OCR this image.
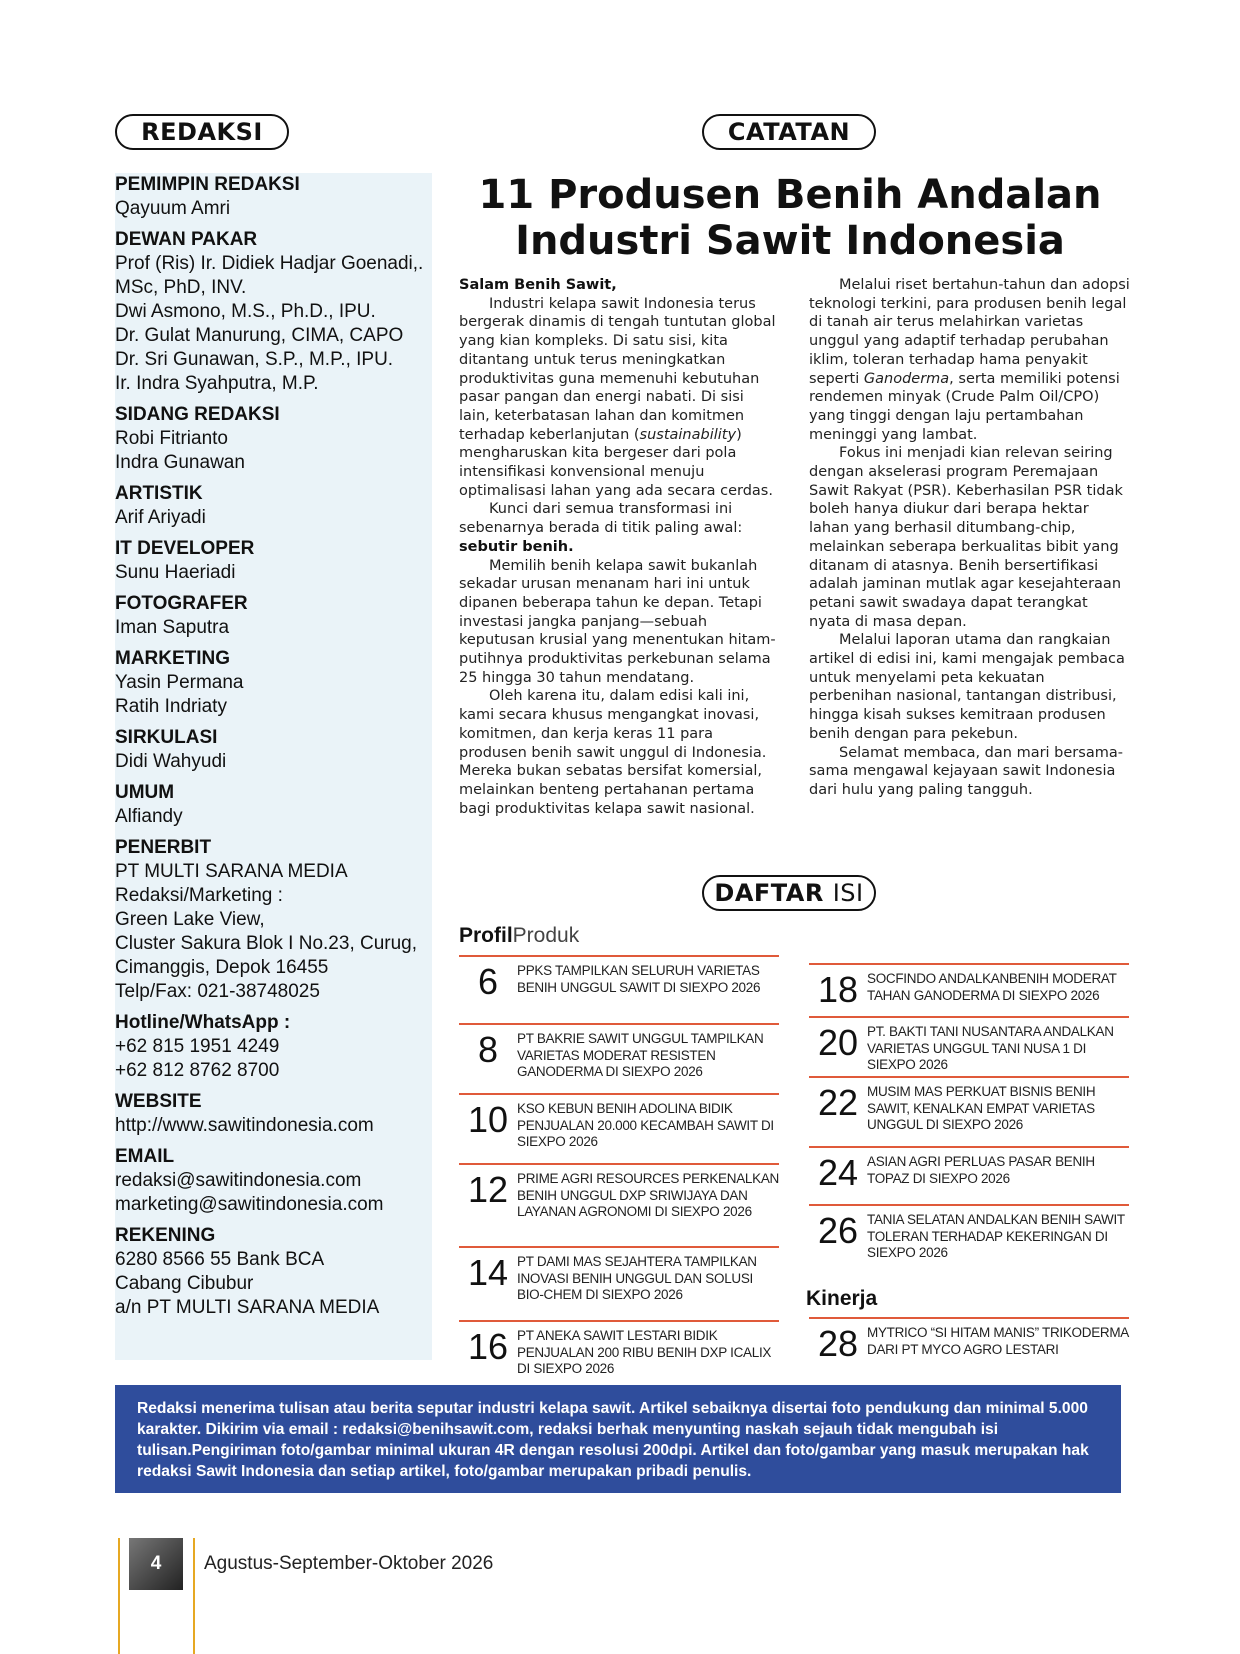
REDAKSI	CATATAN
PEMIMPIN REDAKSI
Qayuum Amri
DEWAN PAKAR
Prof (Ris) Ir. Didiek Hadjar Goenadi,.
MSc, PhD, INV.
Dwi Asmono, M.S., Ph.D., IPU.
Dr. Gulat Manurung, CIMA, CAPO
Dr. Sri Gunawan, S.P., M.P., IPU.
Ir. Indra Syahputra, M.P.
SIDANG REDAKSI
Robi Fitrianto
Indra Gunawan
ARTISTIK
Arif Ariyadi
IT DEVELOPER
Sunu Haeriadi
FOTOGRAFER
Iman Saputra
MARKETING
Yasin Permana
Ratih Indriaty
SIRKULASI
Didi Wahyudi
UMUM
Alfiandy
PENERBIT
PT MULTI SARANA MEDIA
Redaksi/Marketing :
Green Lake View,
Cluster Sakura Blok I No.23, Curug,
Cimanggis, Depok 16455
Telp/Fax: 021-38748025
Hotline/WhatsApp :
+62 815 1951 4249
+62 812 8762 8700
WEBSITE
http://www.sawitindonesia.com
EMAIL
redaksi@sawitindonesia.com
marketing@sawitindonesia.com
REKENING
6280 8566 55 Bank BCA
Cabang Cibubur
a/n PT MULTI SARANA MEDIA
11 Produsen Benih Andalan
Industri Sawit Indonesia

Salam Benih Sawit,

Industri kelapa sawit Indonesia terus bergerak dinamis di tengah tuntutan global yang kian kompleks. Di satu sisi, kita ditantang untuk terus meningkatkan produktivitas guna memenuhi kebutuhan pasar pangan dan energi nabati. Di sisi lain, keterbatasan lahan dan komitmen terhadap keberlanjutan (sustainability) mengharuskan kita bergeser dari pola intensifikasi konvensional menuju optimalisasi lahan yang ada secara cerdas.

Kunci dari semua transformasi ini sebenarnya berada di titik paling awal:
sebutir benih.

Memilih benih kelapa sawit bukanlah sekadar urusan menanam hari ini untuk dipanen beberapa tahun ke depan. Tetapi investasi jangka panjang—sebuah keputusan krusial yang menentukan hitam-putihnya produktivitas perkebunan selama 25 hingga 30 tahun mendatang.

Oleh karena itu, dalam edisi kali ini, kami secara khusus mengangkat inovasi, komitmen, dan kerja keras 11 para produsen benih sawit unggul di Indonesia. Mereka bukan sebatas bersifat komersial, melainkan benteng pertahanan pertama bagi produktivitas kelapa sawit nasional.

Melalui riset bertahun-tahun dan adopsi teknologi terkini, para produsen benih legal di tanah air terus melahirkan varietas unggul yang adaptif terhadap perubahan iklim, toleran terhadap hama penyakit seperti Ganoderma, serta memiliki potensi rendemen minyak (Crude Palm Oil/CPO) yang tinggi dengan laju pertambahan meninggi yang lambat.

Fokus ini menjadi kian relevan seiring dengan akselerasi program Peremajaan Sawit Rakyat (PSR). Keberhasilan PSR tidak boleh hanya diukur dari berapa hektar lahan yang berhasil ditumbang-chip, melainkan seberapa berkualitas bibit yang ditanam di atasnya. Benih bersertifikasi adalah jaminan mutlak agar kesejahteraan petani sawit swadaya dapat terangkat nyata di masa depan.

Melalui laporan utama dan rangkaian artikel di edisi ini, kami mengajak pembaca untuk menyelami peta kekuatan perbenihan nasional, tantangan distribusi, hingga kisah sukses kemitraan produsen benih dengan para pekebun.

Selamat membaca, dan mari bersama-sama mengawal kejayaan sawit Indonesia dari hulu yang paling tangguh.

DAFTAR
ISI
ProfilProduk
6	PPKS TAMPILKAN SELURUH VARIETAS BENIH UNGGUL SAWIT DI SIEXPO 2026
8	PT BAKRIE SAWIT UNGGUL TAMPILKAN VARIETAS MODERAT RESISTEN GANODERMA DI SIEXPO 2026
10 KSO KEBUN BENIH ADOLINA BIDIK PENJUALAN 20.000 KECAMBAH SAWIT DI SIEXPO 2026
12 PRIME AGRI RESOURCES PERKENALKAN BENIH UNGGUL DXP SRIWIJAYA DAN LAYANAN AGRONOMI DI SIEXPO 2026
14 PT DAMI MAS SEJAHTERA TAMPILKAN INOVASI BENIH UNGGUL DAN SOLUSI BIO-CHEM DI SIEXPO 2026
16 PT ANEKA SAWIT LESTARI BIDIK PENJUALAN 200 RIBU BENIH DXP ICALIX DI SIEXPO 2026
18 SOCFINDO ANDALKANBENIH MODERAT TAHAN GANODERMA DI SIEXPO 2026
20 PT. BAKTI TANI NUSANTARA ANDALKAN VARIETAS UNGGUL TANI NUSA 1 DI SIEXPO 2026
22 MUSIM MAS PERKUAT BISNIS BENIH SAWIT, KENALKAN EMPAT VARIETAS UNGGUL DI SIEXPO 2026
24 ASIAN AGRI PERLUAS PASAR BENIH TOPAZ DI SIEXPO 2026
26 TANIA SELATAN ANDALKAN BENIH SAWIT TOLERAN TERHADAP KEKERINGAN DI SIEXPO 2026
Kinerja
28 MYTRICO “SI HITAM MANIS” TRIKODERMA DARI PT MYCO AGRO LESTARI
Redaksi menerima tulisan atau berita seputar industri kelapa sawit. Artikel sebaiknya disertai foto pendukung dan minimal 5.000 karakter. Dikirim via email : redaksi@benihsawit.com, redaksi berhak menyunting naskah sejauh tidak mengubah isi tulisan.Pengiriman foto/gambar minimal ukuran 4R dengan resolusi 200dpi. Artikel dan foto/gambar yang masuk merupakan hak redaksi Sawit Indonesia dan setiap artikel, foto/gambar merupakan pribadi penulis.
4	Agustus-September-Oktober 2026
